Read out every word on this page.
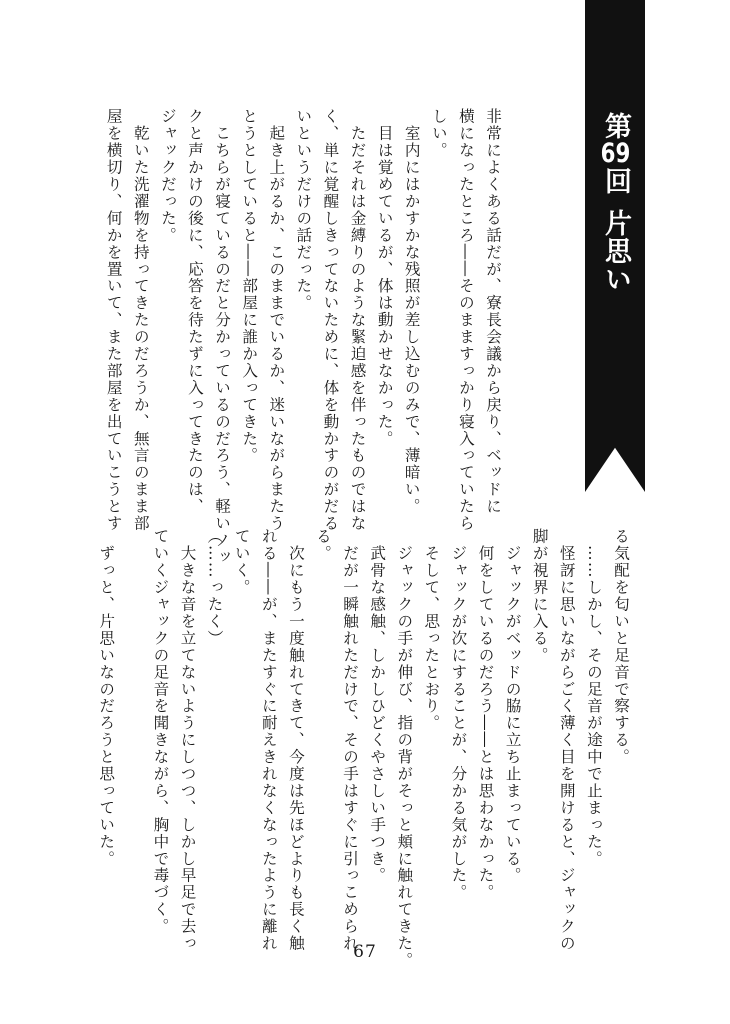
第69回片思い
非常によくある話だが、寮長会議から戻り、ベッドに
横になったところ――そのまますっかり寝入っていたら
しい。
　室内にはかすかな残照が差し込むのみで、薄暗い。
　目は覚めているが、体は動かせなかった。
　ただそれは金縛りのような緊迫感を伴ったものではな
く、単に覚醒しきってないために、体を動かすのがだる
いというだけの話だった。
　起き上がるか、このままでいるか、迷いながらまたう
とうとしていると――部屋に誰か入ってきた。
　こちらが寝ているのだと分かっているのだろう、軽いノッ
クと声かけの後に、応答を待たずに入ってきたのは、
ジャックだった。
　乾いた洗濯物を持ってきたのだろうか、無言のまま部
屋を横切り、何かを置いて、また部屋を出ていこうとす
る気配を匂いと足音で察する。
　……しかし、その足音が途中で止まった。
　怪訝に思いながらごく薄く目を開けると、ジャックの
脚が視界に入る。
　ジャックがベッドの脇に立ち止まっている。
　何をしているのだろう――とは思わなかった。
　ジャックが次にすることが、分かる気がした。
　そして、思ったとおり。
　ジャックの手が伸び、指の背がそっと頬に触れてきた。
　武骨な感触、しかしひどくやさしい手つき。
　だが一瞬触れただけで、その手はすぐに引っこめられ
る。
　次にもう一度触れてきて、今度は先ほどよりも長く触
れる――が、またすぐに耐えきれなくなったように離れ
ていく。
（……ったく）
　大きな音を立てないようにしつつ、しかし早足で去っ
ていくジャックの足音を聞きながら、胸中で毒づく。

　ずっと、片思いなのだろうと思っていた。
67
